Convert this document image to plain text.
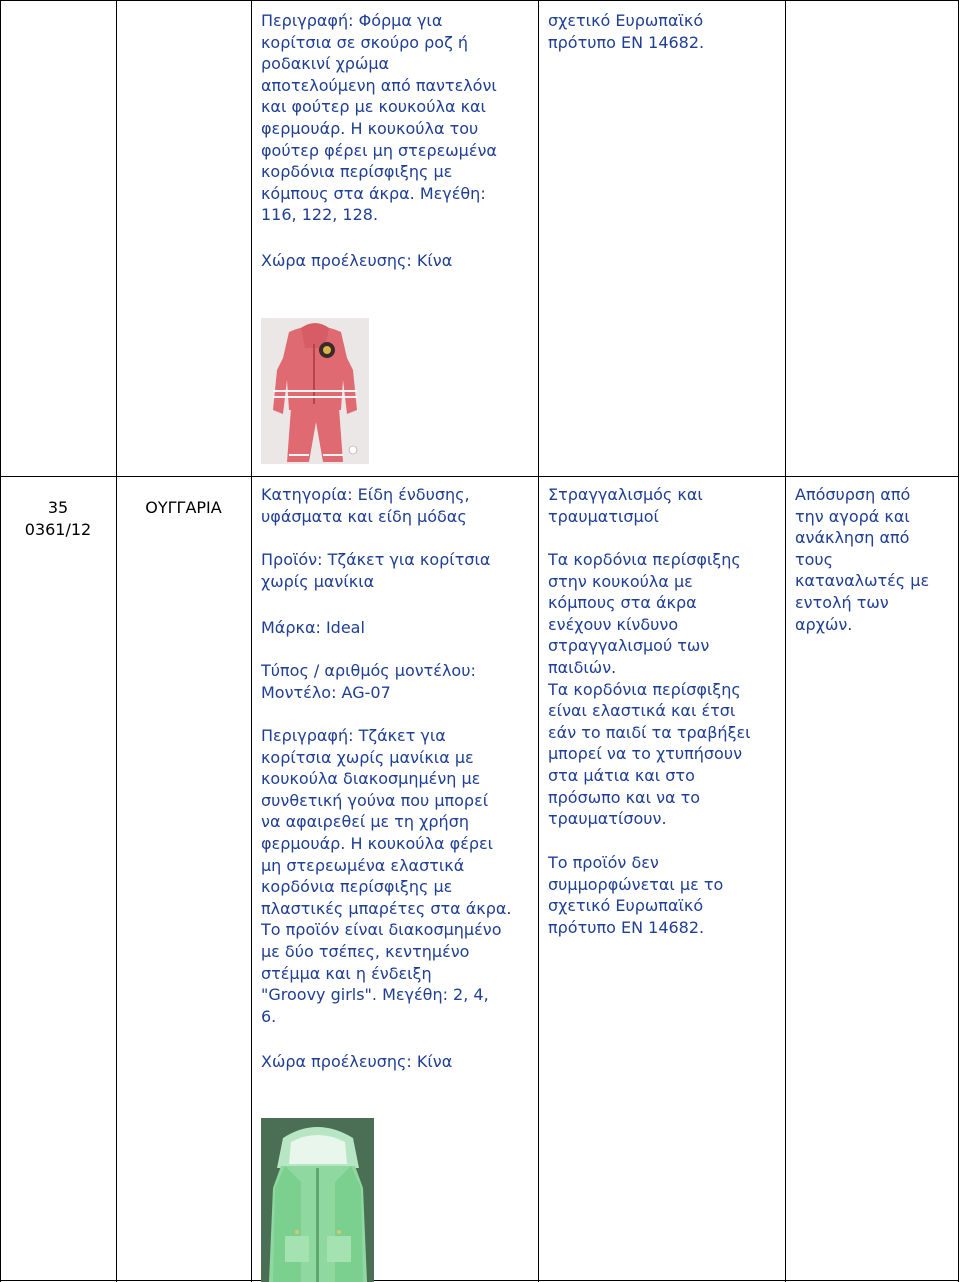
Περιγραφή: Φόρμα για
κορίτσια σε σκούρο ροζ ή
ροδακινί χρώμα
αποτελούμενη από παντελόνι
και φούτερ με κουκούλα και
φερμουάρ. Η κουκούλα του
φούτερ φέρει μη στερεωμένα
κορδόνια περίσφιξης με
κόμπους στα άκρα. Μεγέθη:
116, 122, 128.
Χώρα προέλευσης: Κίνα
σχετικό Ευρωπαϊκό
πρότυπο ΕΝ 14682.
35
0361/12
ΟΥΓΓΑΡΙΑ
Κατηγορία: Είδη ένδυσης,
υφάσματα και είδη μόδας
Προϊόν: Τζάκετ για κορίτσια
χωρίς μανίκια
Μάρκα: Ideal
Τύπος / αριθμός μοντέλου:
Μοντέλο: AG-07
Περιγραφή: Τζάκετ για
κορίτσια χωρίς μανίκια με
κουκούλα διακοσμημένη με
συνθετική γούνα που μπορεί
να αφαιρεθεί με τη χρήση
φερμουάρ. Η κουκούλα φέρει
μη στερεωμένα ελαστικά
κορδόνια περίσφιξης με
πλαστικές μπαρέτες στα άκρα.
Το προϊόν είναι διακοσμημένο
με δύο τσέπες, κεντημένο
στέμμα και η ένδειξη
"Groovy girls". Μεγέθη: 2, 4,
6.
Χώρα προέλευσης: Κίνα
Στραγγαλισμός και
τραυματισμοί
Τα κορδόνια περίσφιξης
στην κουκούλα με
κόμπους στα άκρα
ενέχουν κίνδυνο
στραγγαλισμού των
παιδιών.
Τα κορδόνια περίσφιξης
είναι ελαστικά και έτσι
εάν το παιδί τα τραβήξει
μπορεί να το χτυπήσουν
στα μάτια και στο
πρόσωπο και να το
τραυματίσουν.
Το προϊόν δεν
συμμορφώνεται με το
σχετικό Ευρωπαϊκό
πρότυπο ΕΝ 14682.
Απόσυρση από
την αγορά και
ανάκληση από
τους
καταναλωτές με
εντολή των
αρχών.
